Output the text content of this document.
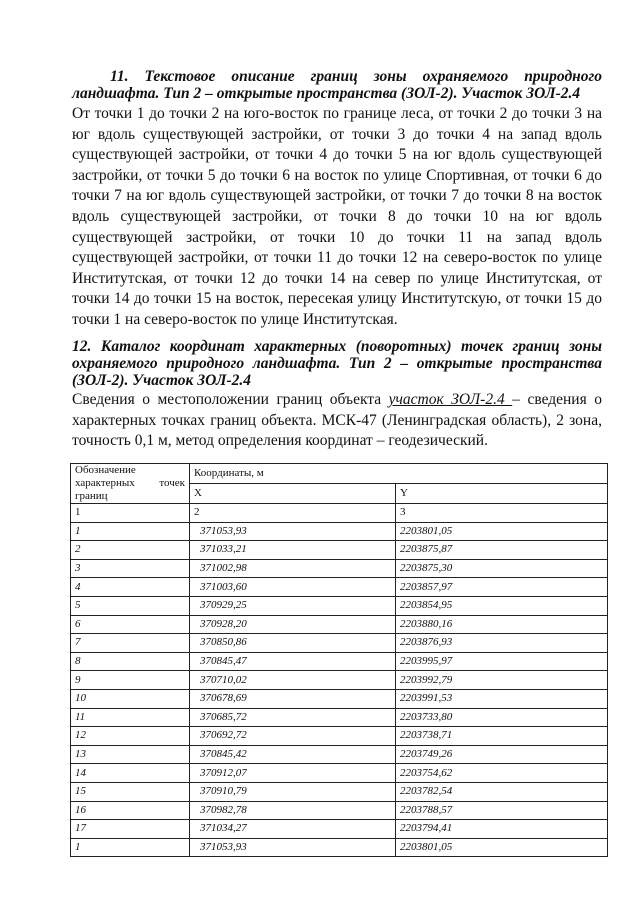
11. Текстовое описание границ зоны охраняемого природного
ландшафта. Тип 2 – открытые пространства (ЗОЛ-2). Участок ЗОЛ-2.4

От точки 1 до точки 2 на юго-восток по границе леса, от точки 2 до точки 3 на юг вдоль существующей застройки, от точки 3 до точки 4 на запад вдоль существующей застройки, от точки 4 до точки 5 на юг вдоль существующей застройки, от точки 5 до точки 6 на восток по улице Спортивная, от точки 6 до точки 7 на юг вдоль существующей застройки, от точки 7 до точки 8 на восток вдоль существующей застройки, от точки 8 до точки 10 на юг вдоль существующей застройки, от точки 10 до точки 11 на запад вдоль существующей застройки, от точки 11 до точки 12 на северо-восток по улице Институтская, от точки 12 до точки 14 на север по улице Институтская, от точки 14 до точки 15 на восток, пересекая улицу Институтскую, от точки 15 до точки 1 на северо-восток по улице Институтская.

12. Каталог координат характерных (поворотных) точек границ зоны охраняемого природного ландшафта. Тип 2 – открытые пространства (ЗОЛ-2). Участок ЗОЛ-2.4

Сведения о местоположении границ объекта участок ЗОЛ-2.4 – сведения о характерных точках границ объекта. МСК-47 (Ленинградская область), 2 зона, точность 0,1 м, метод определения координат – геодезический.

Обозначение характерных точек границ	Координаты, м	
	X	Y
1	2	3
1	371053,93	2203801,05
2	371033,21	2203875,87
3	371002,98	2203875,30
4	371003,60	2203857,97
5	370929,25	2203854,95
6	370928,20	2203880,16
7	370850,86	2203876,93
8	370845,47	2203995,97
9	370710,02	2203992,79
10	370678,69	2203991,53
11	370685,72	2203733,80
12	370692,72	2203738,71
13	370845,42	2203749,26
14	370912,07	2203754,62
15	370910,79	2203782,54
16	370982,78	2203788,57
17	371034,27	2203794,41
1	371053,93	2203801,05
